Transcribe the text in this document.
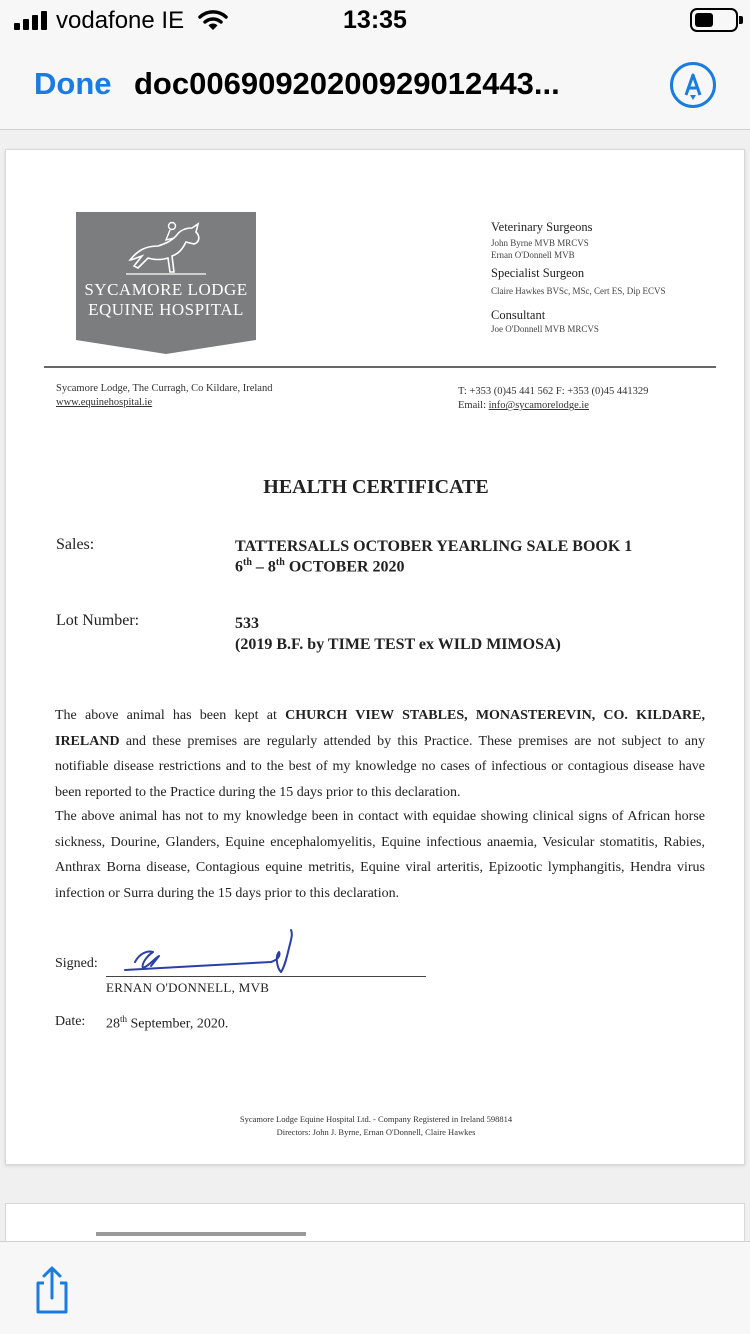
vodafone IE	13:35
Done doc00690920200929012443...
SYCAMORE LODGE
EQUINE HOSPITAL
Veterinary Surgeons
John Byrne MVB MRCVS
Ernan O'Donnell MVB
Specialist Surgeon
Claire Hawkes BVSc, MSc, Cert ES, Dip ECVS
Consultant
Joe O'Donnell MVB MRCVS
Sycamore Lodge, The Curragh, Co Kildare, Ireland
www.equinehospital.ie
T: +353 (0)45 441 562 F: +353 (0)45 441329
Email: info@sycamorelodge.ie
HEALTH CERTIFICATE
Sales:	TATTERSALLS OCTOBER YEARLING SALE BOOK 1
6th – 8th OCTOBER 2020
Lot Number:	533
(2019 B.F. by TIME TEST ex WILD MIMOSA)
The above animal has been kept at CHURCH VIEW STABLES, MONASTEREVIN, CO. KILDARE, IRELAND and these premises are regularly attended by this Practice. These premises are not subject to any notifiable disease restrictions and to the best of my knowledge no cases of infectious or contagious disease have been reported to the Practice during the 15 days prior to this declaration.
The above animal has not to my knowledge been in contact with equidae showing clinical signs of African horse sickness, Dourine, Glanders, Equine encephalomyelitis, Equine infectious anaemia, Vesicular stomatitis, Rabies, Anthrax Borna disease, Contagious equine metritis, Equine viral arteritis, Epizootic lymphangitis, Hendra virus infection or Surra during the 15 days prior to this declaration.
Signed:
ERNAN O'DONNELL, MVB
Date: 28th September, 2020.
Sycamore Lodge Equine Hospital Ltd. - Company Registered in Ireland 598814
Directors: John J. Byrne, Ernan O'Donnell, Claire Hawkes
